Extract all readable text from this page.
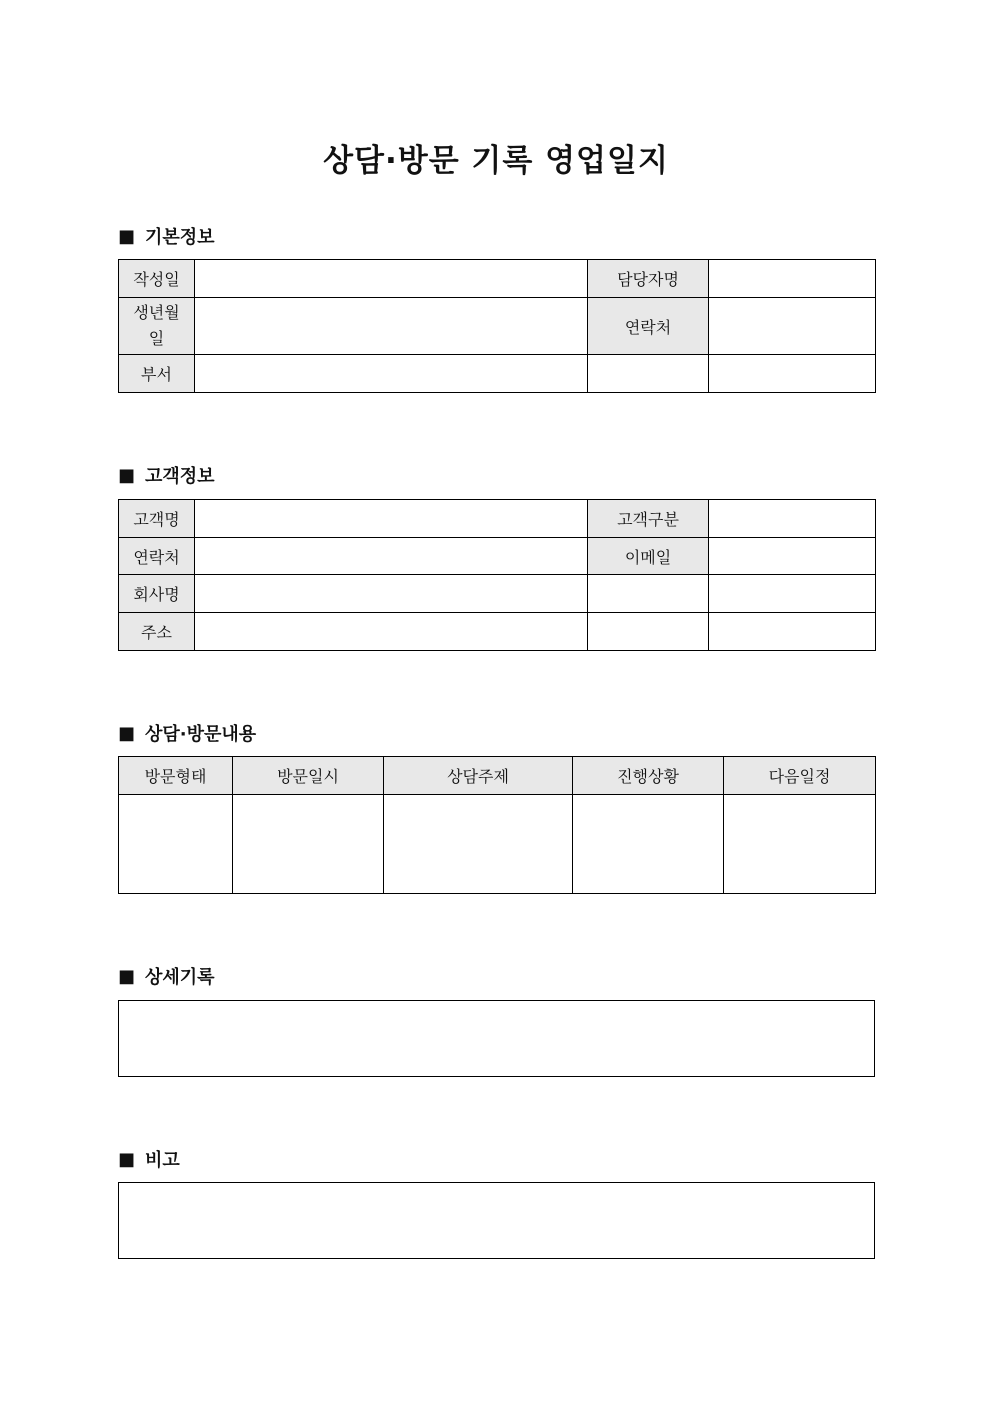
상담·방문 기록 영업일지
■ 기본정보
작성일		담당자명	
생년월
일		연락처	
부서			
■ 고객정보
고객명		고객구분	
연락처		이메일	
회사명			
주소			
■ 상담·방문내용
방문형태	방문일시	상담주제	진행상황	다음일정

■ 상세기록
■ 비고
